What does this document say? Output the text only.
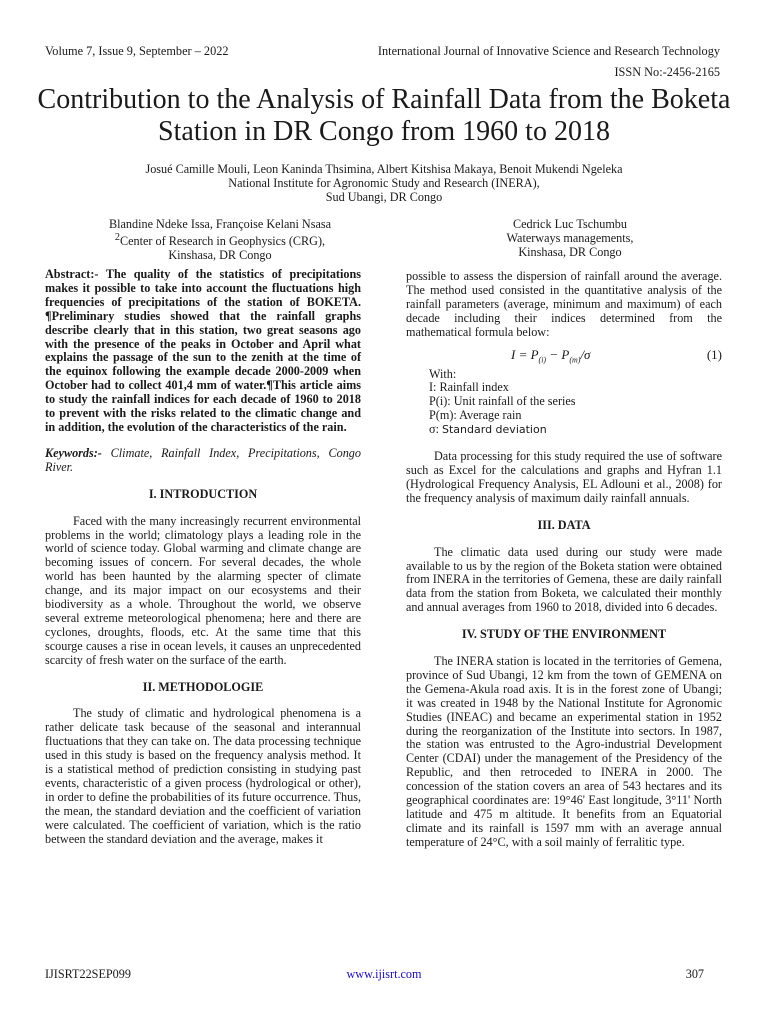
Volume 7, Issue 9, September – 2022	International Journal of Innovative Science and Research Technology
ISSN No:-2456-2165
Contribution to the Analysis of Rainfall Data from the Boketa Station in DR Congo from 1960 to 2018
Josué Camille Mouli, Leon Kaninda Thsimina, Albert Kitshisa Makaya, Benoit Mukendi Ngeleka
National Institute for Agronomic Study and Research (INERA),
Sud Ubangi, DR Congo
Blandine Ndeke Issa, Françoise Kelani Nsasa
$^2$Center of Research in Geophysics (CRG),
Kinshasa, DR Congo
Cedrick Luc Tschumbu
Waterways managements,
Kinshasa, DR Congo

Abstract:- The quality of the statistics of precipitations makes it possible to take into account the fluctuations high frequencies of precipitations of the station of BOKETA. ¶Preliminary studies showed that the rainfall graphs describe clearly that in this station, two great seasons ago with the presence of the peaks in October and April what explains the passage of the sun to the zenith at the time of the equinox following the example decade 2000-2009 when October had to collect 401,4 mm of water.¶This article aims to study the rainfall indices for each decade of 1960 to 2018 to prevent with the risks related to the climatic change and in addition, the evolution of the characteristics of the rain.

Keywords:- Climate, Rainfall Index, Precipitations, Congo River.

I. INTRODUCTION

Faced with the many increasingly recurrent environmental problems in the world; climatology plays a leading role in the world of science today. Global warming and climate change are becoming issues of concern. For several decades, the whole world has been haunted by the alarming specter of climate change, and its major impact on our ecosystems and their biodiversity as a whole. Throughout the world, we observe several extreme meteorological phenomena; here and there are cyclones, droughts, floods, etc. At the same time that this scourge causes a rise in ocean levels, it causes an unprecedented scarcity of fresh water on the surface of the earth.

II. METHODOLOGIE

The study of climatic and hydrological phenomena is a rather delicate task because of the seasonal and interannual fluctuations that they can take on. The data processing technique used in this study is based on the frequency analysis method. It is a statistical method of prediction consisting in studying past events, characteristic of a given process (hydrological or other), in order to define the probabilities of its future occurrence. Thus, the mean, the standard deviation and the coefficient of variation were calculated. The coefficient of variation, which is the ratio between the standard deviation and the average, makes it

possible to assess the dispersion of rainfall around the average. The method used consisted in the quantitative analysis of the rainfall parameters (average, minimum and maximum) of each decade including their indices determined from the mathematical formula below:

$I = P_{(i)} - P_{(m)}/\sigma$	(1)
With:
I: Rainfall index
P(i): Unit rainfall of the series
P(m): Average rain
σ: Standard deviation

Data processing for this study required the use of software such as Excel for the calculations and graphs and Hyfran 1.1 (Hydrological Frequency Analysis, EL Adlouni et al., 2008) for the frequency analysis of maximum daily rainfall annuals.

III. DATA

The climatic data used during our study were made available to us by the region of the Boketa station were obtained from INERA in the territories of Gemena, these are daily rainfall data from the station from Boketa, we calculated their monthly and annual averages from 1960 to 2018, divided into 6 decades.

IV. STUDY OF THE ENVIRONMENT

The INERA station is located in the territories of Gemena, province of Sud Ubangi, 12 km from the town of GEMENA on the Gemena-Akula road axis. It is in the forest zone of Ubangi; it was created in 1948 by the National Institute for Agronomic Studies (INEAC) and became an experimental station in 1952 during the reorganization of the Institute into sectors. In 1987, the station was entrusted to the Agro-industrial Development Center (CDAI) under the management of the Presidency of the Republic, and then retroceded to INERA in 2000. The concession of the station covers an area of 543 hectares and its geographical coordinates are: 19°46' East longitude, 3°11' North latitude and 475 m altitude. It benefits from an Equatorial climate and its rainfall is 1597 mm with an average annual temperature of 24°C, with a soil mainly of ferralitic type.

IJISRT22SEP099	www.ijisrt.com	307
